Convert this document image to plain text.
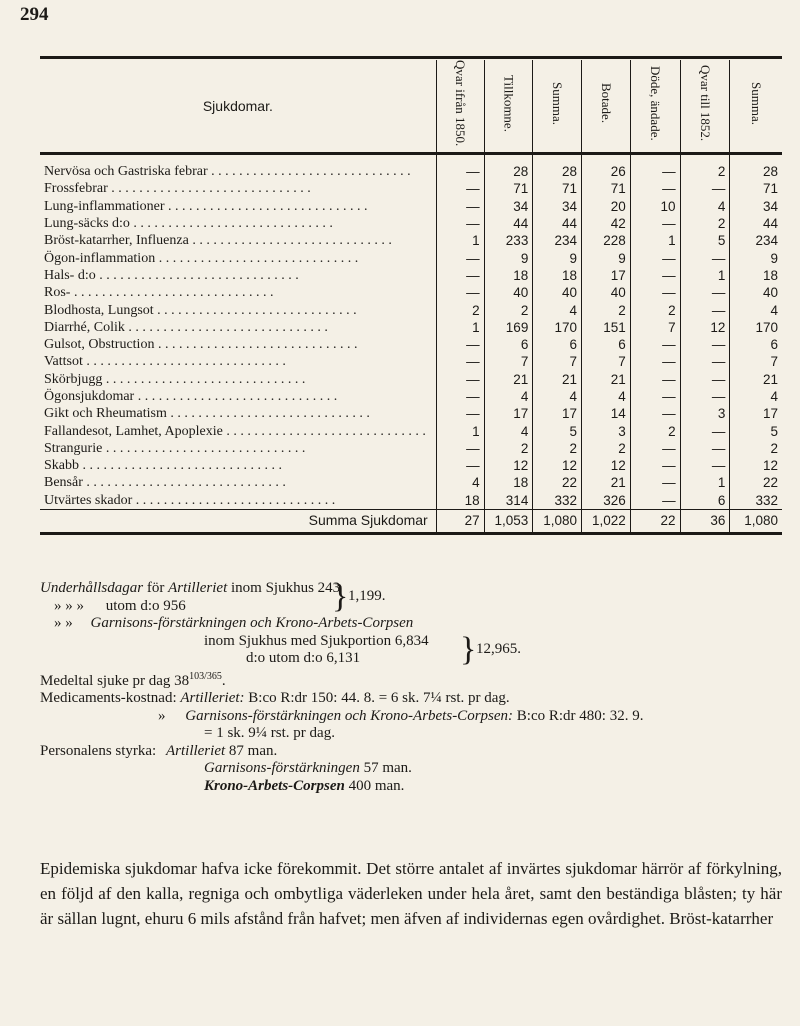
294
Sjukdomar.	Qvar ifrån 1850.	Tillkomne.	Summa.	Botade.	Döde, ändade.	Qvar till 1852.	Summa.
Nervösa och Gastriska febrar . . . . . . . . . . . . . . . . . . . . . . . . . . . . .	—	28	28	26	—	2	28
Frossfebrar . . . . . . . . . . . . . . . . . . . . . . . . . . . . .	—	71	71	71	—	—	71
Lung-inflammationer . . . . . . . . . . . . . . . . . . . . . . . . . . . . .	—	34	34	20	10	4	34
Lung-säcks d:o . . . . . . . . . . . . . . . . . . . . . . . . . . . . .	—	44	44	42	—	2	44
Bröst-katarrher, Influenza . . . . . . . . . . . . . . . . . . . . . . . . . . . . .	1	233	234	228	1	5	234
Ögon-inflammation . . . . . . . . . . . . . . . . . . . . . . . . . . . . .	—	9	9	9	—	—	9
Hals- d:o . . . . . . . . . . . . . . . . . . . . . . . . . . . . .	—	18	18	17	—	1	18
Ros- . . . . . . . . . . . . . . . . . . . . . . . . . . . . .	—	40	40	40	—	—	40
Blodhosta, Lungsot . . . . . . . . . . . . . . . . . . . . . . . . . . . . .	2	2	4	2	2	—	4
Diarrhé, Colik . . . . . . . . . . . . . . . . . . . . . . . . . . . . .	1	169	170	151	7	12	170
Gulsot, Obstruction . . . . . . . . . . . . . . . . . . . . . . . . . . . . .	—	6	6	6	—	—	6
Vattsot . . . . . . . . . . . . . . . . . . . . . . . . . . . . .	—	7	7	7	—	—	7
Skörbjugg . . . . . . . . . . . . . . . . . . . . . . . . . . . . .	—	21	21	21	—	—	21
Ögonsjukdomar . . . . . . . . . . . . . . . . . . . . . . . . . . . . .	—	4	4	4	—	—	4
Gikt och Rheumatism . . . . . . . . . . . . . . . . . . . . . . . . . . . . .	—	17	17	14	—	3	17
Fallandesot, Lamhet, Apoplexie . . . . . . . . . . . . . . . . . . . . . . . . . . . . .	1	4	5	3	2	—	5
Strangurie . . . . . . . . . . . . . . . . . . . . . . . . . . . . .	—	2	2	2	—	—	2
Skabb . . . . . . . . . . . . . . . . . . . . . . . . . . . . .	—	12	12	12	—	—	12
Bensår . . . . . . . . . . . . . . . . . . . . . . . . . . . . .	4	18	22	21	—	1	22
Utvärtes skador . . . . . . . . . . . . . . . . . . . . . . . . . . . . .	18	314	332	326	—	6	332
Summa Sjukdomar	27	1,053	1,080	1,022	22	36	1,080
Underhållsdagar för Artilleriet inom Sjukhus 243
} 1,199.
» » » utom d:o 956
» » Garnisons-förstärkningen och Krono-Arbets-Corpsen
inom Sjukhus med Sjukportion 6,834 } 12,965.
d:o utom d:o 6,131
Medeltal sjuke pr dag $38^{103/365}$.
Medicaments-kostnad: Artilleriet: B:co R:dr 150: 44. 8. = 6 sk. 7¼ rst. pr dag.
» Garnisons-förstärkningen och Krono-Arbets-Corpsen: B:co R:dr 480: 32. 9.
= 1 sk. 9¼ rst. pr dag.
Personalens styrka: Artilleriet 87 man.
Garnisons-förstärkningen 57 man.
Krono-Arbets-Corpsen 400 man.
Epidemiska sjukdomar hafva icke förekommit. Det större antalet af invärtes sjukdomar härrör af förkylning, en följd af den kalla, regniga och ombytliga väderleken under hela året, samt den beständiga blåsten; ty här är sällan lugnt, ehuru 6 mils afstånd från hafvet; men äfven af individernas egen ovårdighet. Bröst-katarrher
